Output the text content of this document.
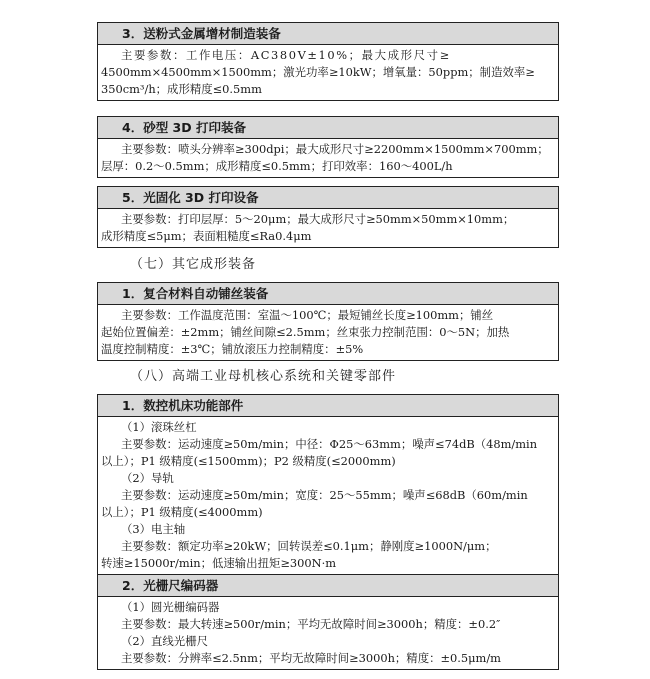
3．送粉式金属增材制造装备
主要参数：工作电压：AC380V±10%；最大成形尺寸≥
4500mm×4500mm×1500mm；激光功率≥10kW；增氧量：50ppm；制造效率≥
350cm³/h；成形精度≤0.5mm
4．砂型 3D 打印装备
主要参数：喷头分辨率≥300dpi；最大成形尺寸≥2200mm×1500mm×700mm；
层厚：0.2～0.5mm；成形精度≤0.5mm；打印效率：160～400L/h
5．光固化 3D 打印设备
主要参数：打印层厚：5～20μm；最大成形尺寸≥50mm×50mm×10mm；
成形精度≤5μm；表面粗糙度≤Ra0.4μm
（七）其它成形装备
1．复合材料自动铺丝装备
主要参数：工作温度范围：室温～100℃；最短铺丝长度≥100mm；铺丝
起始位置偏差：±2mm；铺丝间隙≤2.5mm；丝束张力控制范围：0～5N；加热
温度控制精度：±3℃；铺放滚压力控制精度：±5%
（八）高端工业母机核心系统和关键零部件
1．数控机床功能部件
（1）滚珠丝杠
主要参数：运动速度≥50m/min；中径：Φ25～63mm；噪声≤74dB（48m/min
以上）；P1 级精度(≤1500mm)；P2 级精度(≤2000mm)
（2）导轨
主要参数：运动速度≥50m/min；宽度：25～55mm；噪声≤68dB（60m/min
以上）；P1 级精度(≤4000mm)
（3）电主轴
主要参数：额定功率≥20kW；回转误差≤0.1μm；静刚度≥1000N/μm；
转速≥15000r/min；低速输出扭矩≥300N·m
2．光栅尺编码器
（1）圆光栅编码器
主要参数：最大转速≥500r/min；平均无故障时间≥3000h；精度：±0.2″
（2）直线光栅尺
主要参数：分辨率≤2.5nm；平均无故障时间≥3000h；精度：±0.5μm/m
